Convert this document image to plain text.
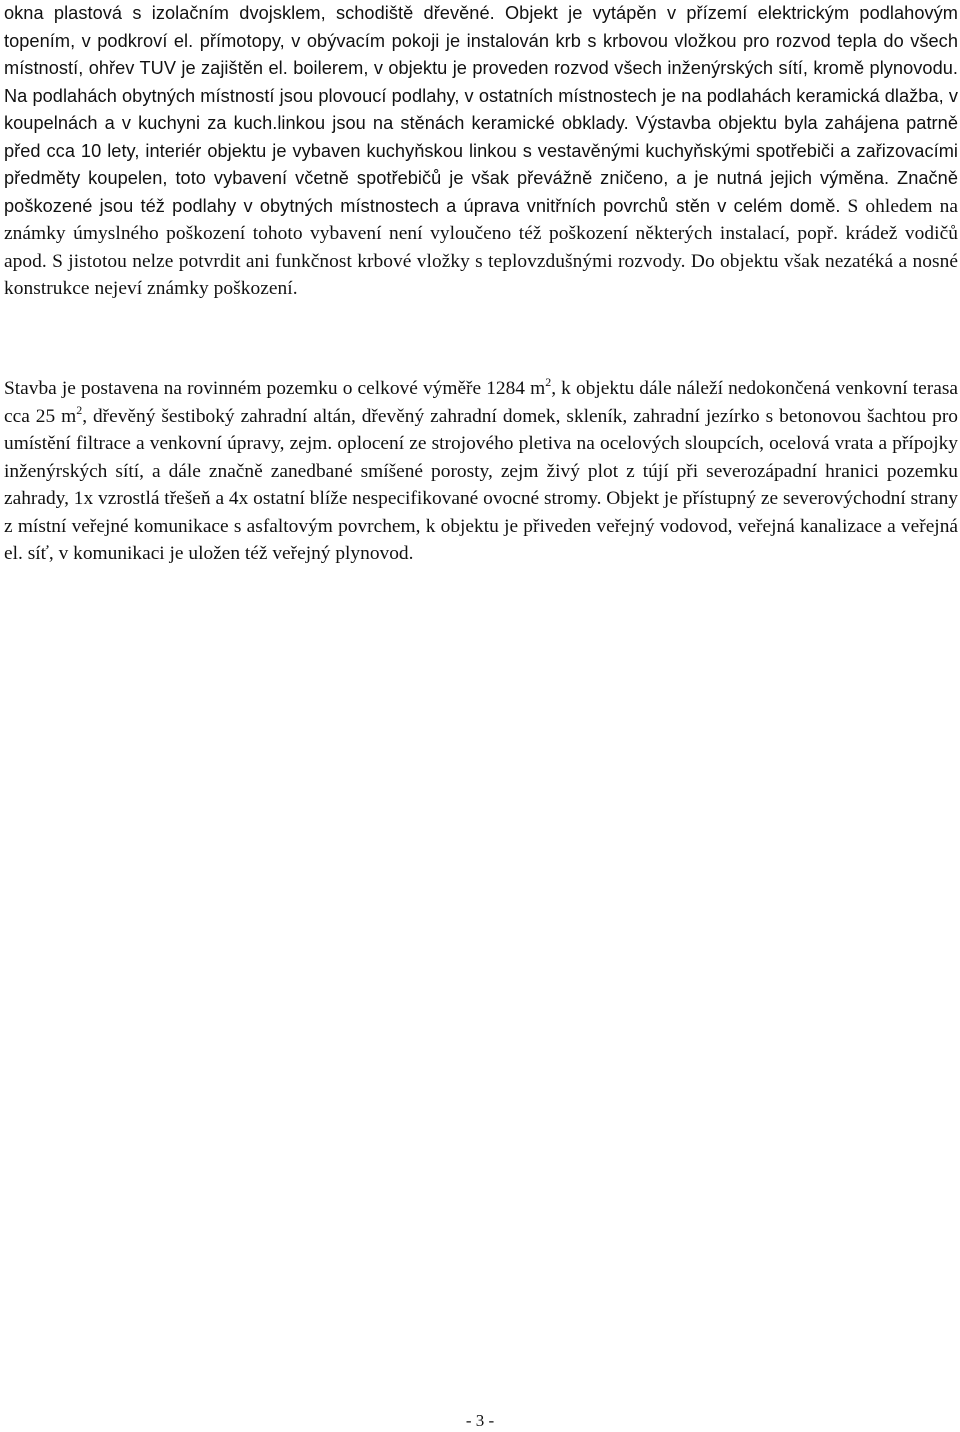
okna plastová s izolačním dvojsklem, schodiště dřevěné. Objekt je vytápěn v přízemí elektrickým podlahovým topením, v podkroví el. přímotopy, v obývacím pokoji je instalován krb s krbovou vložkou pro rozvod tepla do všech místností, ohřev TUV je zajištěn el. boilerem, v objektu je proveden rozvod všech inženýrských sítí, kromě plynovodu. Na podlahách obytných místností jsou plovoucí podlahy, v ostatních místnostech je na podlahách keramická dlažba, v koupelnách a v kuchyni za kuch.linkou jsou na stěnách keramické obklady. Výstavba objektu byla zahájena patrně před cca 10 lety, interiér objektu je vybaven kuchyňskou linkou s vestavěnými kuchyňskými spotřebiči a zařizovacími předměty koupelen, toto vybavení včetně spotřebičů je však převážně zničeno, a je nutná jejich výměna. Značně poškozené jsou též podlahy v obytných místnostech a úprava vnitřních povrchů stěn v celém domě. S ohledem na známky úmyslného poškození tohoto vybavení není vyloučeno též poškození některých instalací, popř. krádež vodičů apod. S jistotou nelze potvrdit ani funkčnost krbové vložky s teplovzdušnými rozvody. Do objektu však nezatéká a nosné konstrukce nejeví známky poškození.

Stavba je postavena na rovinném pozemku o celkové výměře 1284 $m^2$, k objektu dále náleží nedokončená venkovní terasa cca 25 $m^2$, dřevěný šestiboký zahradní altán, dřevěný zahradní domek, skleník, zahradní jezírko s betonovou šachtou pro umístění filtrace a venkovní úpravy, zejm. oplocení ze strojového pletiva na ocelových sloupcích, ocelová vrata a přípojky inženýrských sítí, a dále značně zanedbané smíšené porosty, zejm živý plot z tújí při severozápadní hranici pozemku zahrady, 1x vzrostlá třešeň a 4x ostatní blíže nespecifikované ovocné stromy. Objekt je přístupný ze severovýchodní strany z místní veřejné komunikace s asfaltovým povrchem, k objektu je přiveden veřejný vodovod, veřejná kanalizace a veřejná el. síť, v komunikaci je uložen též veřejný plynovod.

- 3 -
